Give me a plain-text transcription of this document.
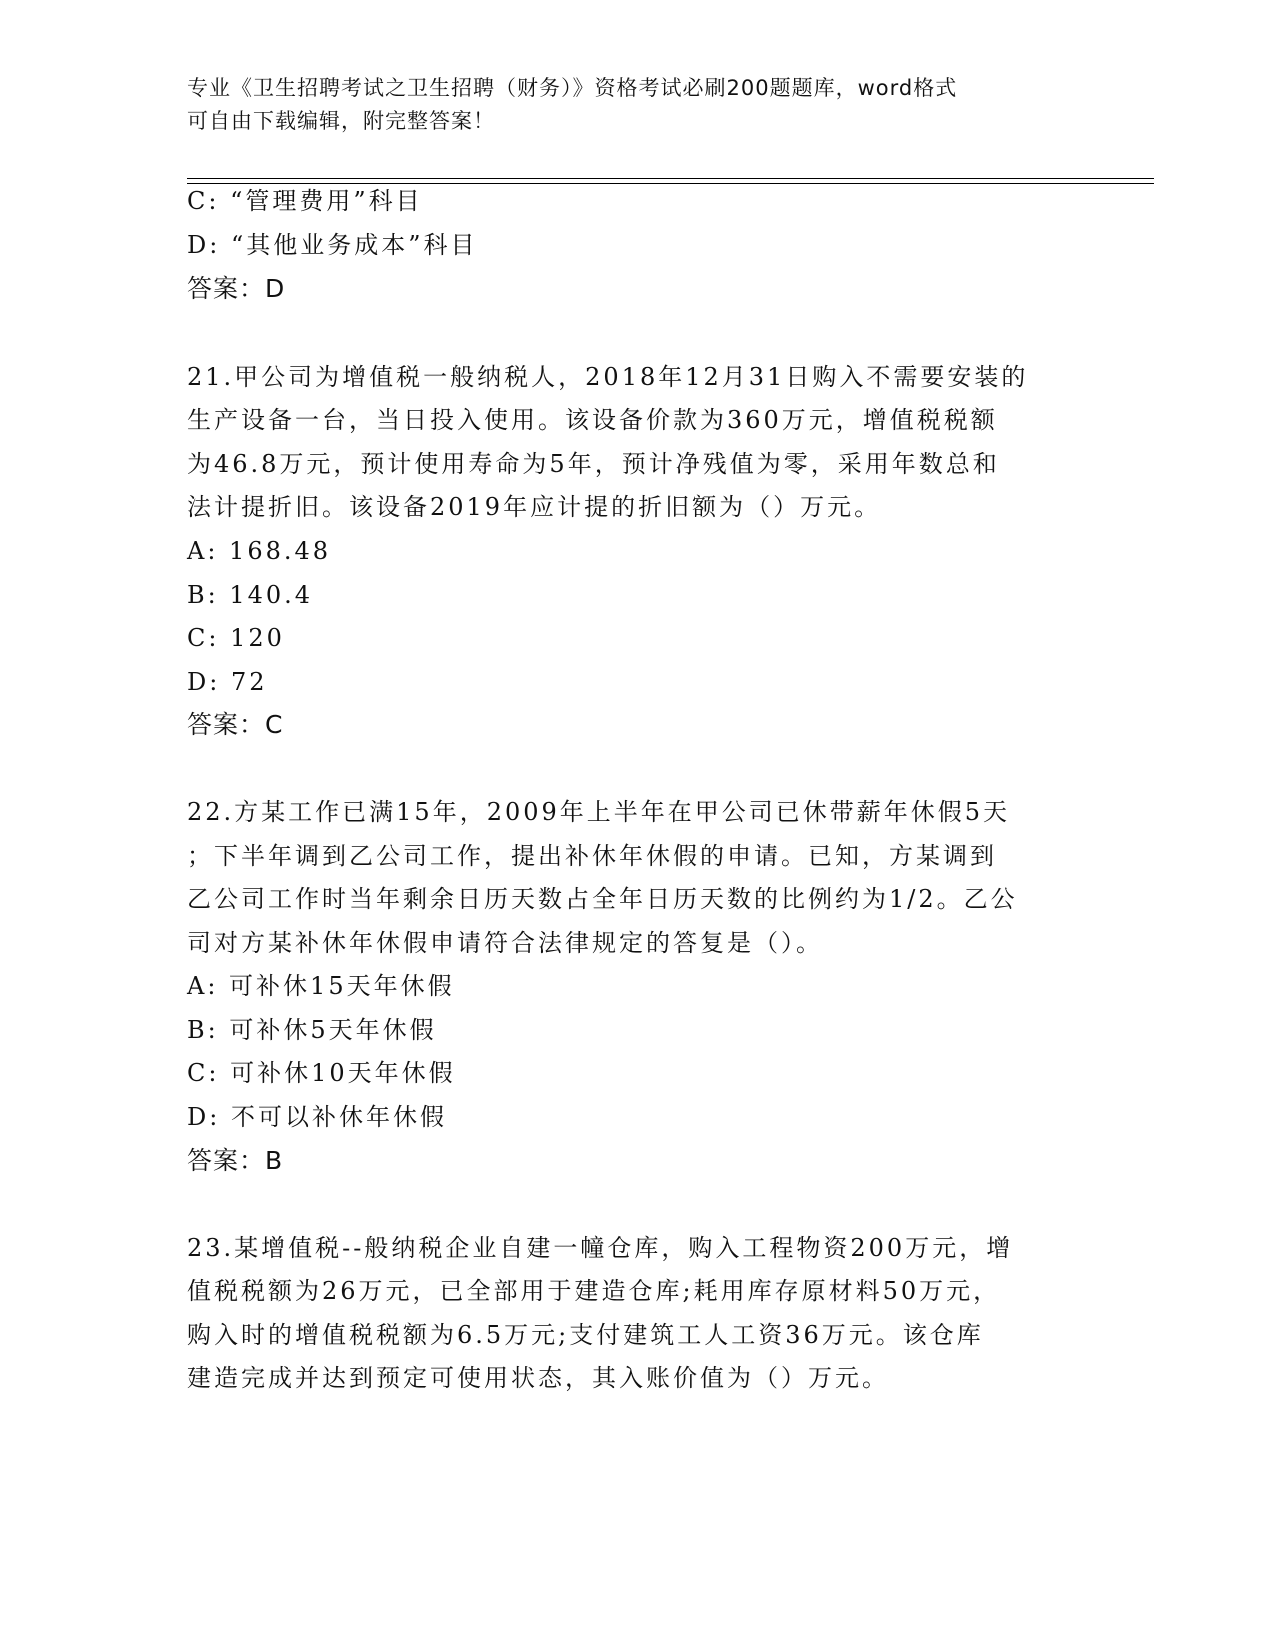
专业《卫生招聘考试之卫生招聘（财务）》资格考试必刷200题题库，word格式
可自由下载编辑，附完整答案！
C: “管理费用”科目
D: “其他业务成本”科目
答案：D
21.甲公司为增值税一般纳税人，2018年12月31日购入不需要安装的
生产设备一台，当日投入使用。该设备价款为360万元，增值税税额
为46.8万元，预计使用寿命为5年，预计净残值为零，采用年数总和
法计提折旧。该设备2019年应计提的折旧额为（）万元。
A: 168.48
B: 140.4
C: 120
D: 72
答案：C
22.方某工作已满15年，2009年上半年在甲公司已休带薪年休假5天
；下半年调到乙公司工作，提出补休年休假的申请。已知，方某调到
乙公司工作时当年剩余日历天数占全年日历天数的比例约为1/2。乙公
司对方某补休年休假申请符合法律规定的答复是（）。
A: 可补休15天年休假
B: 可补休5天年休假
C: 可补休10天年休假
D: 不可以补休年休假
答案：B
23.某增值税--般纳税企业自建一幢仓库，购入工程物资200万元，增
值税税额为26万元，已全部用于建造仓库;耗用库存原材料50万元，
购入时的增值税税额为6.5万元;支付建筑工人工资36万元。该仓库
建造完成并达到预定可使用状态，其入账价值为（）万元。
